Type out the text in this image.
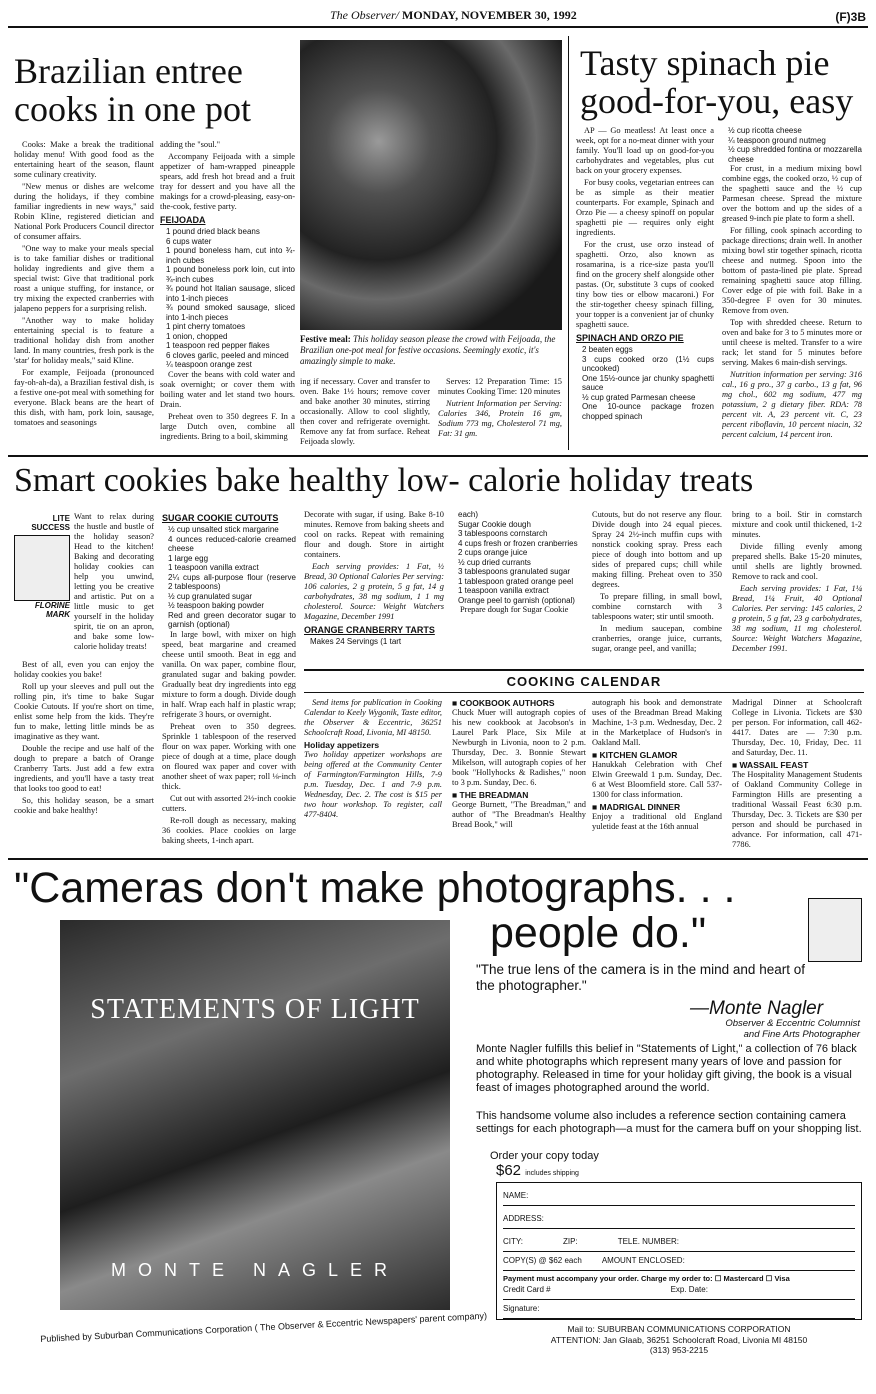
The Observer/ MONDAY, NOVEMBER 30, 1992	(F)3B
Brazilian entree cooks in one pot

Cooks: Make a break the traditional holiday menu! With good food as the entertaining heart of the season, flaunt some culinary creativity.

"New menus or dishes are welcome during the holidays, if they combine familiar ingredients in new ways," said Robin Kline, registered dietician and National Pork Producers Council director of consumer affairs.

"One way to make your meals special is to take familiar dishes or traditional holiday ingredients and give them a special twist: Give that traditional pork roast a unique stuffing, for instance, or try mixing the expected cranberries with jalapeno peppers for a surprising relish.

"Another way to make holiday entertaining special is to feature a traditional holiday dish from another land. In many countries, fresh pork is the 'star' for holiday meals," said Kline.

For example, Feijoada (pronounced fay-oh-ah-da), a Brazilian festival dish, is a festive one-pot meal with something for everyone. Black beans are the heart of this dish, with ham, pork loin, sausage, tomatoes and seasonings

adding the "soul."

Accompany Feijoada with a simple appetizer of ham-wrapped pineapple spears, add fresh hot bread and a fruit tray for dessert and you have all the makings for a crowd-pleasing, easy-on-the-cook, festive party.

FEIJOADA
1 pound dried black beans
6 cups water
1 pound boneless ham, cut into ¾-inch cubes
1 pound boneless pork loin, cut into ¾-inch cubes
¾ pound hot Italian sausage, sliced into 1-inch pieces
¾ pound smoked sausage, sliced into 1-inch pieces
1 pint cherry tomatoes
1 onion, chopped
1 teaspoon red pepper flakes
6 cloves garlic, peeled and minced
¼ teaspoon orange zest

Cover the beans with cold water and soak overnight; or cover them with boiling water and let stand two hours. Drain.

Preheat oven to 350 degrees F. In a large Dutch oven, combine all ingredients. Bring to a boil, skimming

Festive meal: This holiday season please the crowd with Feijoada, the Brazilian one-pot meal for festive occasions. Seemingly exotic, it's amazingly simple to make.

ing if necessary. Cover and transfer to oven. Bake 1½ hours; remove cover and bake another 30 minutes, stirring occasionally. Allow to cool slightly, then cover and refrigerate overnight. Remove any fat from surface. Reheat Feijoada slowly.

Serves: 12 Preparation Time: 15 minutes Cooking Time: 120 minutes

Nutrient Information per Serving: Calories 346, Protein 16 gm, Sodium 773 mg, Cholesterol 71 mg, Fat: 31 gm.

Tasty spinach pie good-for-you, easy

AP — Go meatless! At least once a week, opt for a no-meat dinner with your family. You'll load up on good-for-you carbohydrates and vegetables, plus cut back on your grocery expenses.

For busy cooks, vegetarian entrees can be as simple as their meatier counterparts. For example, Spinach and Orzo Pie — a cheesy spinoff on popular spaghetti pie — requires only eight ingredients.

For the crust, use orzo instead of spaghetti. Orzo, also known as rosamarina, is a rice-size pasta you'll find on the grocery shelf alongside other pastas. (Or, substitute 3 cups of cooked tiny bow ties or elbow macaroni.) For the stir-together cheesy spinach filling, your topper is a convenient jar of chunky spaghetti sauce.

SPINACH AND ORZO PIE
2 beaten eggs
3 cups cooked orzo (1½ cups uncooked)
One 15½-ounce jar chunky spaghetti sauce
½ cup grated Parmesan cheese
One 10-ounce package frozen chopped spinach
½ cup ricotta cheese
¼ teaspoon ground nutmeg
½ cup shredded fontina or mozzarella cheese

For crust, in a medium mixing bowl combine eggs, the cooked orzo, ½ cup of the spaghetti sauce and the ½ cup Parmesan cheese. Spread the mixture over the bottom and up the sides of a greased 9-inch pie plate to form a shell.

For filling, cook spinach according to package directions; drain well. In another mixing bowl stir together spinach, ricotta cheese and nutmeg. Spoon into the bottom of pasta-lined pie plate. Spread remaining spaghetti sauce atop filling. Cover edge of pie with foil. Bake in a 350-degree F oven for 30 minutes. Remove from oven.

Top with shredded cheese. Return to oven and bake for 3 to 5 minutes more or until cheese is melted. Transfer to a wire rack; let stand for 5 minutes before serving. Makes 6 main-dish servings.

Nutrition information per serving: 316 cal., 16 g pro., 37 g carbo., 13 g fat, 96 mg chol., 602 mg sodium, 477 mg potassium, 2 g dietary fiber. RDA: 78 percent vit. A, 23 percent vit. C, 23 percent riboflavin, 10 percent niacin, 32 percent calcium, 14 percent iron.

Smart cookies bake healthy low- calorie holiday treats
LITE
SUCCESS
FLORINE
MARK

Want to relax during the hustle and bustle of the holiday season? Head to the kitchen! Baking and decorating holiday cookies can help you unwind, letting you be creative and artistic. Put on a little music to get yourself in the holiday spirit, tie on an apron, and bake some low-calorie holiday treats!

Best of all, even you can enjoy the holiday cookies you bake!

Roll up your sleeves and pull out the rolling pin, it's time to bake Sugar Cookie Cutouts. If you're short on time, enlist some help from the kids. They're fun to make, letting little minds be as imaginative as they want.

Double the recipe and use half of the dough to prepare a batch of Orange Cranberry Tarts. Just add a few extra ingredients, and you'll have a tasty treat that looks too good to eat!

So, this holiday season, be a smart cookie and bake healthy!

SUGAR COOKIE CUTOUTS
½ cup unsalted stick margarine
4 ounces reduced-calorie creamed cheese
1 large egg
1 teaspoon vanilla extract
2¼ cups all-purpose flour (reserve 2 tablespoons)
½ cup granulated sugar
½ teaspoon baking powder
Red and green decorator sugar to garnish (optional)

In large bowl, with mixer on high speed, beat margarine and creamed cheese until smooth. Beat in egg and vanilla. On wax paper, combine flour, granulated sugar and baking powder. Gradually beat dry ingredients into egg mixture to form a dough. Divide dough in half. Wrap each half in plastic wrap; refrigerate 3 hours, or overnight.

Preheat oven to 350 degrees. Sprinkle 1 tablespoon of the reserved flour on wax paper. Working with one piece of dough at a time, place dough on floured wax paper and cover with another sheet of wax paper; roll ⅛-inch thick.

Cut out with assorted 2½-inch cookie cutters.

Re-roll dough as necessary, making 36 cookies. Place cookies on large baking sheets, 1-inch apart.

Decorate with sugar, if using. Bake 8-10 minutes. Remove from baking sheets and cool on racks. Repeat with remaining flour and dough. Store in airtight containers.

Each serving provides: 1 Fat, ½ Bread, 30 Optional Calories Per serving: 106 calories, 2 g protein, 5 g fat, 14 g carbohydrates, 38 mg sodium, 1 1 mg cholesterol. Source: Weight Watchers Magazine, December 1991

ORANGE CRANBERRY TARTS
Makes 24 Servings (1 tart
each)
Sugar Cookie dough
3 tablespoons cornstarch
4 cups fresh or frozen cranberries
2 cups orange juice
½ cup dried currants
3 tablespoons granulated sugar
1 tablespoon grated orange peel
1 teaspoon vanilla extract
Orange peel to garnish (optional)

Prepare dough for Sugar Cookie

Cutouts, but do not reserve any flour. Divide dough into 24 equal pieces. Spray 24 2½-inch muffin cups with nonstick cooking spray. Press each piece of dough into bottom and up sides of prepared cups; chill while making filling. Preheat oven to 350 degrees.

To prepare filling, in small bowl, combine cornstarch with 3 tablespoons water; stir until smooth.

In medium saucepan, combine cranberries, orange juice, currants, sugar, orange peel, and vanilla;

bring to a boil. Stir in cornstarch mixture and cook until thickened, 1-2 minutes.

Divide filling evenly among prepared shells. Bake 15-20 minutes, until shells are lightly browned. Remove to rack and cool.

Each serving provides: 1 Fat, 1¼ Bread, 1¼ Fruit, 40 Optional Calories. Per serving: 145 calories, 2 g protein, 5 g fat, 23 g carbohydrates, 38 mg sodium, 11 mg cholesterol. Source: Weight Watchers Magazine, December 1991.

COOKING CALENDAR

Send items for publication in Cooking Calendar to Keely Wygonik, Taste editor, the Observer & Eccentric, 36251 Schoolcraft Road, Livonia, MI 48150.

Holiday appetizers

Two holiday appetizer workshops are being offered at the Community Center of Farmington/Farmington Hills, 7-9 p.m. Tuesday, Dec. 1 and 7-9 p.m. Wednesday, Dec. 2. The cost is $15 per two hour workshop. To register, call 477-8404.

■ COOKBOOK AUTHORS

Chuck Muer will autograph copies of his new cookbook at Jacobson's in Laurel Park Place, Six Mile at Newburgh in Livonia, noon to 2 p.m. Thursday, Dec. 3. Bonnie Stewart Mikelson, will autograph copies of her book "Hollyhocks & Radishes," noon to 3 p.m. Sunday, Dec. 6.

■ THE BREADMAN

George Burnett, "The Breadman," and author of "The Breadman's Healthy Bread Book," will

autograph his book and demonstrate uses of the Breadman Bread Making Machine, 1-3 p.m. Wednesday, Dec. 2 in the Marketplace of Hudson's in Oakland Mall.

■ KITCHEN GLAMOR

Hanukkah Celebration with Chef Elwin Greewald 1 p.m. Sunday, Dec. 6 at West Bloomfield store. Call 537-1300 for class information.

■ MADRIGAL DINNER

Enjoy a traditional old England yuletide feast at the 16th annual

Madrigal Dinner at Schoolcraft College in Livonia. Tickets are $30 per person. For information, call 462-4417. Dates are — 7:30 p.m. Thursday, Dec. 10, Friday, Dec. 11 and Saturday, Dec. 11.

■ WASSAIL FEAST

The Hospitality Management Students of Oakland Community College in Farmington Hills are presenting a traditional Wassail Feast 6:30 p.m. Thursday, Dec. 3. Tickets are $30 per person and should be purchased in advance. For information, call 471-7786.

"Cameras don't make photographs. . .
people do."
STATEMENTS OF LIGHT
MONTE NAGLER
Published by Suburban Communications Corporation ( The Observer & Eccentric Newspapers' parent company)
"The true lens of the camera is in the mind and heart of the photographer."
—Monte Nagler
Observer & Eccentric Columnist
and Fine Arts Photographer
Monte Nagler fulfills this belief in "Statements of Light," a collection of 76 black and white photographs which represent many years of love and passion for photography. Released in time for your holiday gift giving, the book is a visual feast of images photographed around the world.
This handsome volume also includes a reference section containing camera settings for each photograph—a must for the camera buff on your shopping list.
Order your copy today
$62 includes shipping
NAME:
ADDRESS:
CITY:	ZIP:	TELE. NUMBER:
COPY(S) @ $62 each	AMOUNT ENCLOSED:
Payment must accompany your order. Charge my order to: ☐ Mastercard ☐ Visa
Credit Card #	Exp. Date:
Signature:
Mail to: SUBURBAN COMMUNICATIONS CORPORATION
ATTENTION: Jan Glaab, 36251 Schoolcraft Road, Livonia MI 48150
(313) 953-2215
